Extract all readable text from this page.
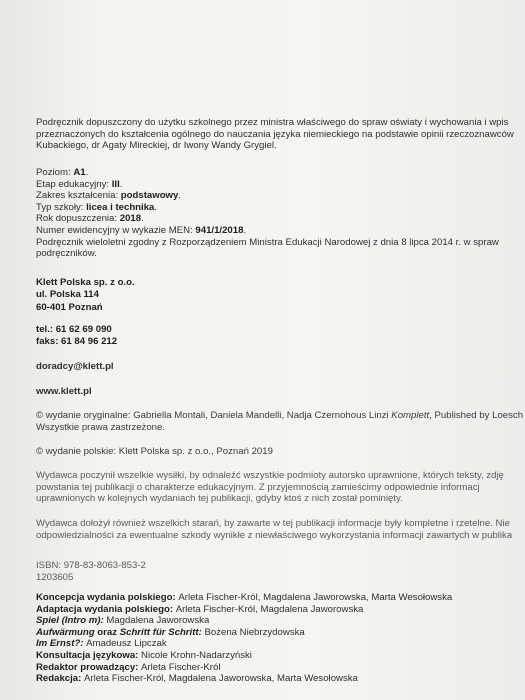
Podręcznik dopuszczony do użytku szkolnego przez ministra właściwego do spraw oświaty i wychowania i wpis
przeznaczonych do kształcenia ogólnego do nauczania języka niemieckiego na podstawie opinii rzeczoznawców
Kubackiego, dr Agaty Mireckiej, dr Iwony Wandy Grygiel.
Poziom: A1.
Etap edukacyjny: III.
Zakres kształcenia: podstawowy.
Typ szkoły: licea i technika.
Rok dopuszczenia: 2018.
Numer ewidencyjny w wykazie MEN: 941/1/2018.
Podręcznik wieloletni zgodny z Rozporządzeniem Ministra Edukacji Narodowej z dnia 8 lipca 2014 r. w spraw
podręczników.
Klett Polska sp. z o.o.
ul. Polska 114
60-401 Poznań
tel.: 61 62 69 090
faks: 61 84 96 212
doradcy@klett.pl
www.klett.pl
© wydanie oryginalne: Gabriella Montali, Daniela Mandelli, Nadja Czernohous Linzi Komplett, Published by Loesch
Wszystkie prawa zastrzeżone.
© wydanie polskie: Klett Polska sp. z o.o., Poznań 2019
Wydawca poczynił wszelkie wysiłki, by odnaleźć wszystkie podmioty autorsko uprawnione, których teksty, zdję
powstania tej publikacji o charakterze edukacyjnym. Z przyjemnością zamieścimy odpowiednie informacj
uprawnionych w kolejnych wydaniach tej publikacji, gdyby ktoś z nich został pominięty.
Wydawca dołożył również wszelkich starań, by zawarte w tej publikacji informacje były kompletne i rzetelne. Nie
odpowiedzialności za ewentualne szkody wynikłe z niewłaściwego wykorzystania informacji zawartych w publika
ISBN: 978-83-8063-853-2
1203605
Koncepcja wydania polskiego: Arleta Fischer-Król, Magdalena Jaworowska, Marta Wesołowska
Adaptacja wydania polskiego: Arleta Fischer-Król, Magdalena Jaworowska
Spiel (Intro m): Magdalena Jaworowska
Aufwärmung oraz Schritt für Schritt: Bożena Niebrzydowska
Im Ernst?: Amadeusz Lipczak
Konsultacja językowa: Nicole Krohn-Nadarzyński
Redaktor prowadzący: Arleta Fischer-Król
Redakcja: Arleta Fischer-Król, Magdalena Jaworowska, Marta Wesołowska
